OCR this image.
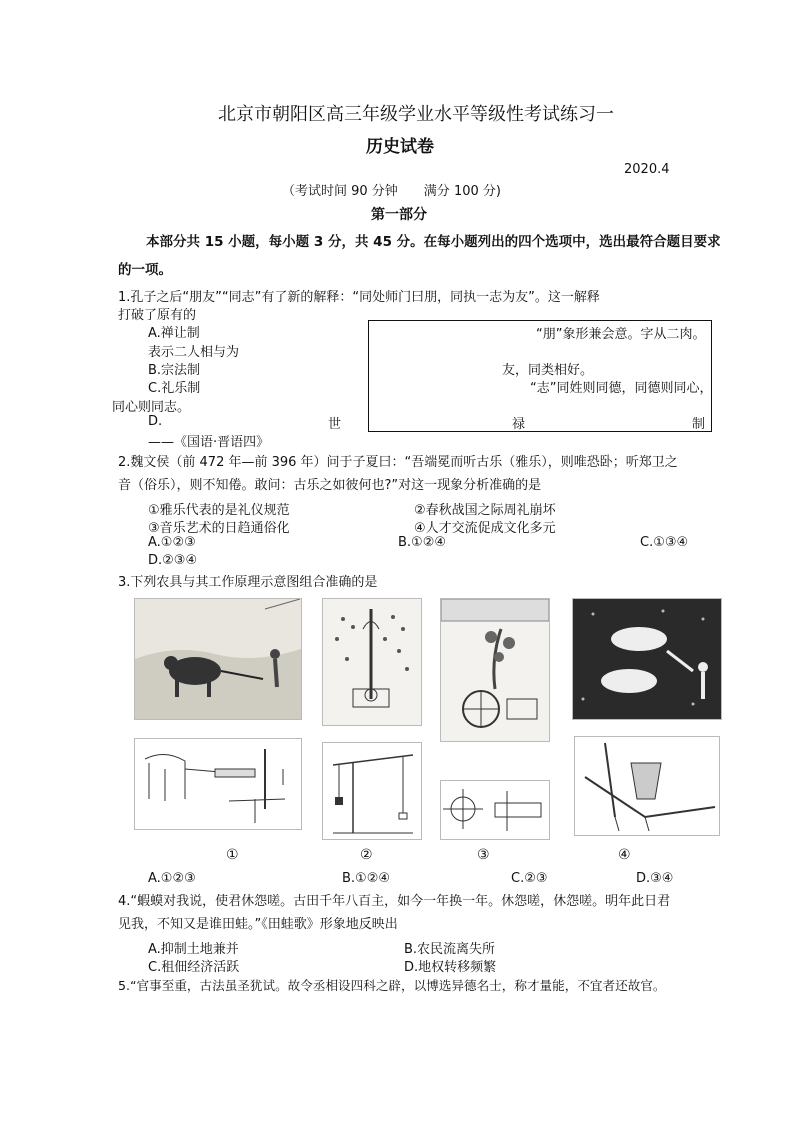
北京市朝阳区高三年级学业水平等级性考试练习一
历史试卷
2020.4
（考试时间 90 分钟　　满分 100 分)
第一部分
本部分共 15 小题，每小题 3 分，共 45 分。在每小题列出的四个选项中，选出最符合题目要求
的一项。
1.孔子之后“朋友”“同志”有了新的解释：“同处师门曰朋，同执一志为友”。这一解释
打破了原有的
“朋”象形兼会意。字从二肉。
表示二人相与为
友，同类相好。
“志”同姓则同德，同德则同心，
同心则同志。
A.禅让制
B.宗法制
C.礼乐制
D.	世	禄	制
——《国语·晋语四》
2.魏文侯（前 472 年—前 396 年）问于子夏曰：“吾端冕而听古乐（雅乐），则唯恐卧；听郑卫之
音（俗乐），则不知倦。敢问：古乐之如彼何也?”对这一现象分析准确的是
①雅乐代表的是礼仪规范	②春秋战国之际周礼崩坏
③音乐艺术的日趋通俗化	④人才交流促成文化多元
A.①②③	B.①②④	C.①③④
D.②③④
3.下列农具与其工作原理示意图组合准确的是
①	②	③	④
A.①②③	B.①②④	C.②③	D.③④
4.“蝦蟆对我说，使君休怨嗟。古田千年八百主，如今一年换一年。休怨嗟，休怨嗟。明年此日君
见我，不知又是谁田蛙。”《田蛙歌》形象地反映出
A.抑制土地兼并	B.农民流离失所
C.租佃经济活跃	D.地权转移频繁
5.“官事至重，古法虽圣犹试。故令丞相设四科之辟，以博选异德名士，称才量能，不宜者还故官。
